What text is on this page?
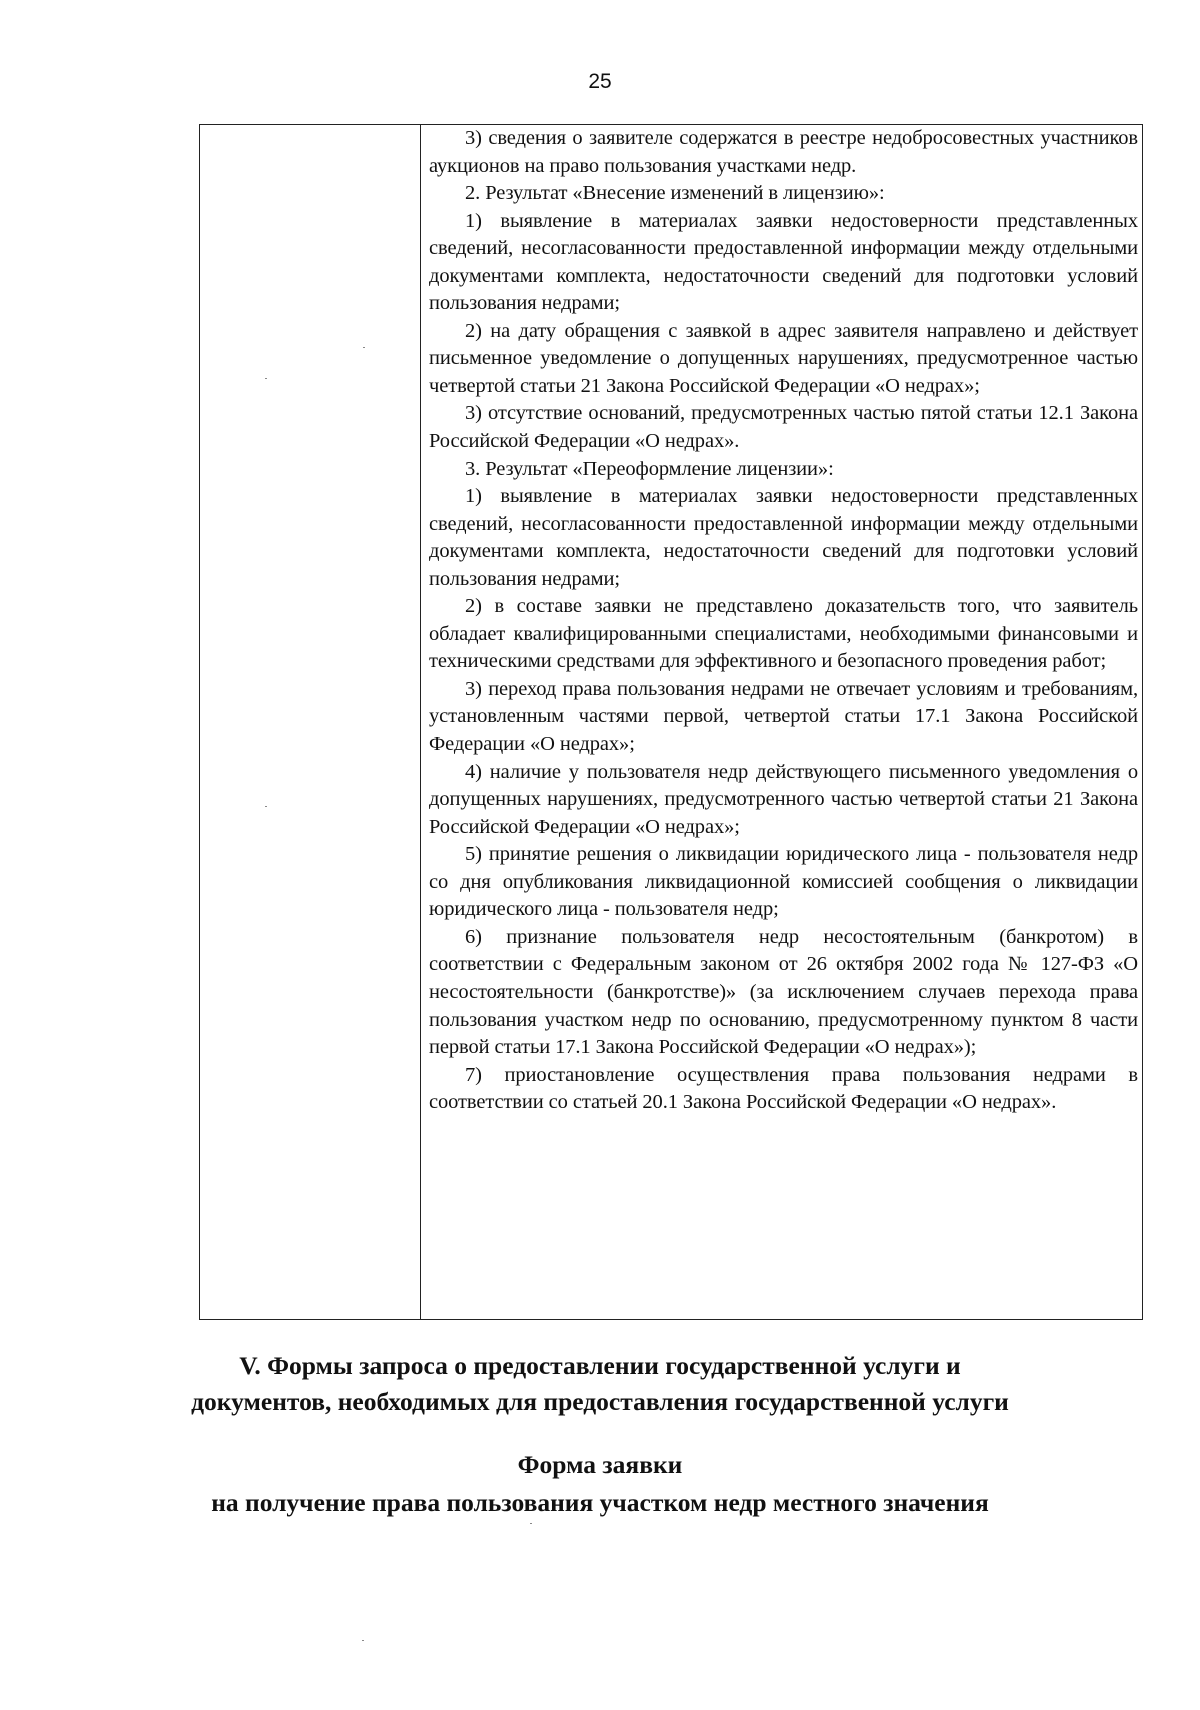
25

3) сведения о заявителе содержатся в реестре недобросовестных участников аукционов на право пользования участками недр.

2. Результат «Внесение изменений в лицензию»:

1) выявление в материалах заявки недостоверности представленных сведений, несогласованности предоставленной информации между отдельными документами комплекта, недостаточности сведений для подготовки условий пользования недрами;

2) на дату обращения с заявкой в адрес заявителя направлено и действует письменное уведомление о допущенных нарушениях, предусмотренное частью четвертой статьи 21 Закона Российской Федерации «О недрах»;

3) отсутствие оснований, предусмотренных частью пятой статьи 12.1 Закона Российской Федерации «О недрах».

3. Результат «Переоформление лицензии»:

1) выявление в материалах заявки недостоверности представленных сведений, несогласованности предоставленной информации между отдельными документами комплекта, недостаточности сведений для подготовки условий пользования недрами;

2) в составе заявки не представлено доказательств того, что заявитель обладает квалифицированными специалистами, необходимыми финансовыми и техническими средствами для эффективного и безопасного проведения работ;

3) переход права пользования недрами не отвечает условиям и требованиям, установленным частями первой, четвертой статьи 17.1 Закона Российской Федерации «О недрах»;

4) наличие у пользователя недр действующего письменного уведомления о допущенных нарушениях, предусмотренного частью четвертой статьи 21 Закона Российской Федерации «О недрах»;

5) принятие решения о ликвидации юридического лица - пользователя недр со дня опубликования ликвидационной комиссией сообщения о ликвидации юридического лица - пользователя недр;

6) признание пользователя недр несостоятельным (банкротом) в соответствии с Федеральным законом от 26 октября 2002 года № 127-ФЗ «О несостоятельности (банкротстве)» (за исключением случаев перехода права пользования участком недр по основанию, предусмотренному пунктом 8 части первой статьи 17.1 Закона Российской Федерации «О недрах»);

7) приостановление осуществления права пользования недрами в соответствии со статьей 20.1 Закона Российской Федерации «О недрах».

V. Формы запроса о предоставлении государственной услуги и

документов, необходимых для предоставления государственной услуги

Форма заявки

на получение права пользования участком недр местного значения
